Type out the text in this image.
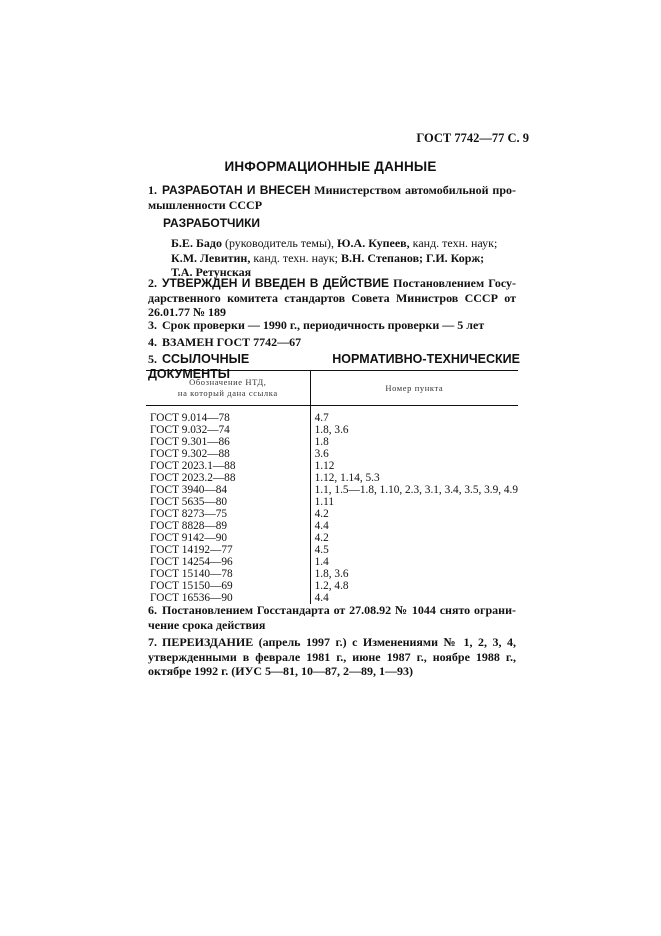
ГОСТ 7742—77 С. 9
ИНФОРМАЦИОННЫЕ ДАННЫЕ
1. РАЗРАБОТАН И ВНЕСЕН Министерством автомобильной про-мышленности СССР
РАЗРАБОТЧИКИ
Б.Е. Бадо (руководитель темы), Ю.А. Купеев, канд. техн. наук;
К.М. Левитин, канд. техн. наук; В.Н. Степанов; Г.И. Корж;
Т.А. Ретунская
2. УТВЕРЖДЕН И ВВЕДЕН В ДЕЙСТВИЕ Постановлением Госу-дарственного комитета стандартов Совета Министров СССР от 26.01.77 № 189
3. Срок проверки — 1990 г., периодичность проверки — 5 лет
4. ВЗАМЕН ГОСТ 7742—67
5. ССЫЛОЧНЫЕ НОРМАТИВНО-ТЕХНИЧЕСКИЕ ДОКУМЕНТЫ
Обозначение НТД,
на который дана ссылка	Номер пункта

ГОСТ 9.014—78	4.7
ГОСТ 9.032—74	1.8, 3.6
ГОСТ 9.301—86	1.8
ГОСТ 9.302—88	3.6
ГОСТ 2023.1—88	1.12
ГОСТ 2023.2—88	1.12, 1.14, 5.3
ГОСТ 3940—84	1.1, 1.5—1.8, 1.10, 2.3, 3.1, 3.4, 3.5, 3.9, 4.9
ГОСТ 5635—80	1.11
ГОСТ 8273—75	4.2
ГОСТ 8828—89	4.4
ГОСТ 9142—90	4.2
ГОСТ 14192—77	4.5
ГОСТ 14254—96	1.4
ГОСТ 15140—78	1.8, 3.6
ГОСТ 15150—69	1.2, 4.8
ГОСТ 16536—90	4.4
6. Постановлением Госстандарта от 27.08.92 № 1044 снято ограни-чение срока действия
7. ПЕРЕИЗДАНИЕ (апрель 1997 г.) с Изменениями № 1, 2, 3, 4, утвержденными в феврале 1981 г., июне 1987 г., ноябре 1988 г., октябре 1992 г. (ИУС 5—81, 10—87, 2—89, 1—93)
